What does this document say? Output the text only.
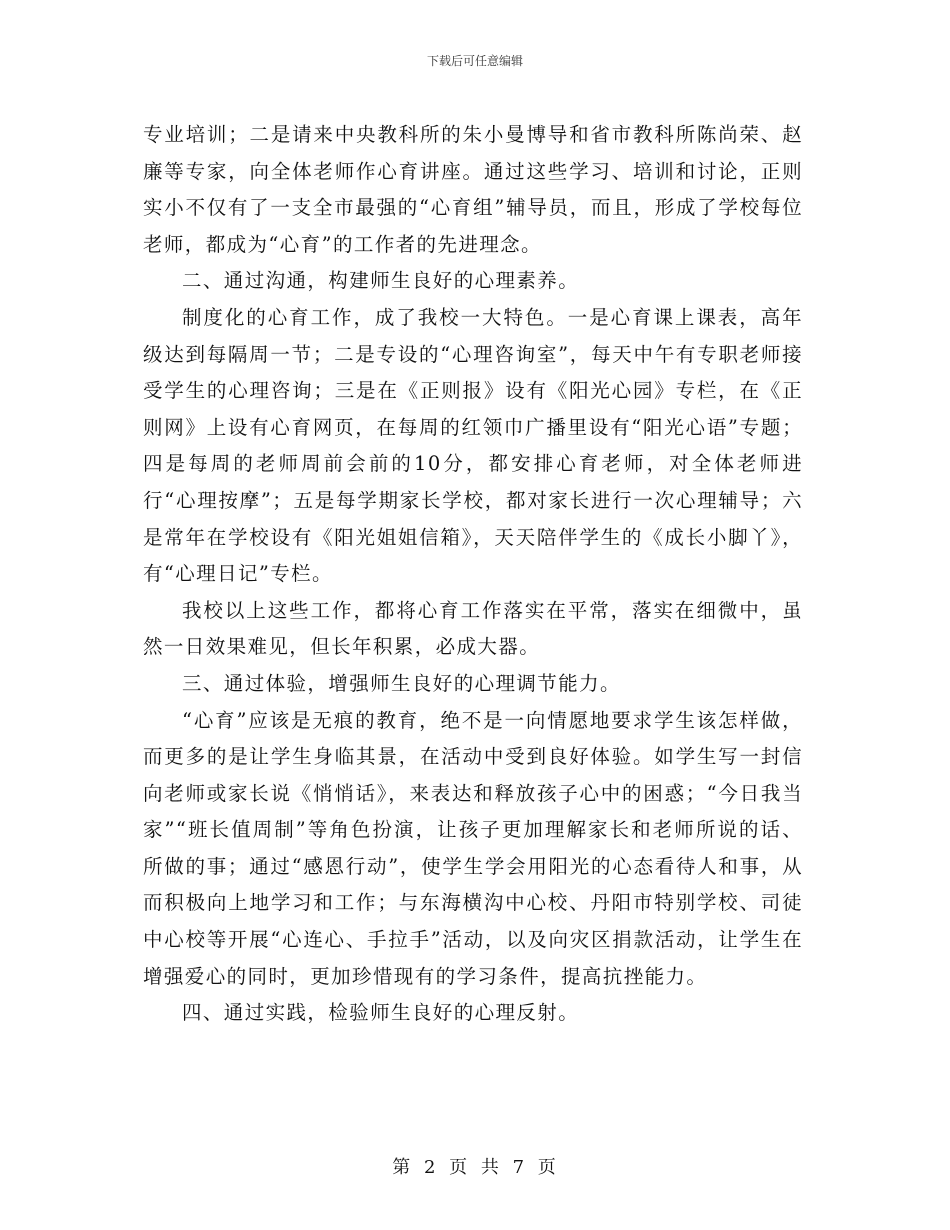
下载后可任意编辑

专业培训；二是请来中央教科所的朱小曼博导和省市教科所陈尚荣、赵廉等专家，向全体老师作心育讲座。通过这些学习、培训和讨论，正则实小不仅有了一支全市最强的“心育组”辅导员，而且，形成了学校每位老师，都成为“心育”的工作者的先进理念。

二、通过沟通，构建师生良好的心理素养。

制度化的心育工作，成了我校一大特色。一是心育课上课表，高年级达到每隔周一节；二是专设的“心理咨询室”，每天中午有专职老师接受学生的心理咨询；三是在《正则报》设有《阳光心园》专栏，在《正则网》上设有心育网页，在每周的红领巾广播里设有“阳光心语”专题；四是每周的老师周前会前的10分，都安排心育老师，对全体老师进行“心理按摩”；五是每学期家长学校，都对家长进行一次心理辅导；六是常年在学校设有《阳光姐姐信箱》，天天陪伴学生的《成长小脚丫》，有“心理日记”专栏。

我校以上这些工作，都将心育工作落实在平常，落实在细微中，虽然一日效果难见，但长年积累，必成大器。

三、通过体验，增强师生良好的心理调节能力。

“心育”应该是无痕的教育，绝不是一向情愿地要求学生该怎样做，而更多的是让学生身临其景，在活动中受到良好体验。如学生写一封信向老师或家长说《悄悄话》，来表达和释放孩子心中的困惑；“今日我当家”“班长值周制”等角色扮演，让孩子更加理解家长和老师所说的话、所做的事；通过“感恩行动”，使学生学会用阳光的心态看待人和事，从而积极向上地学习和工作；与东海横沟中心校、丹阳市特别学校、司徒中心校等开展“心连心、手拉手”活动，以及向灾区捐款活动，让学生在增强爱心的同时，更加珍惜现有的学习条件，提高抗挫能力。

四、通过实践，检验师生良好的心理反射。

第 2 页 共 7 页
